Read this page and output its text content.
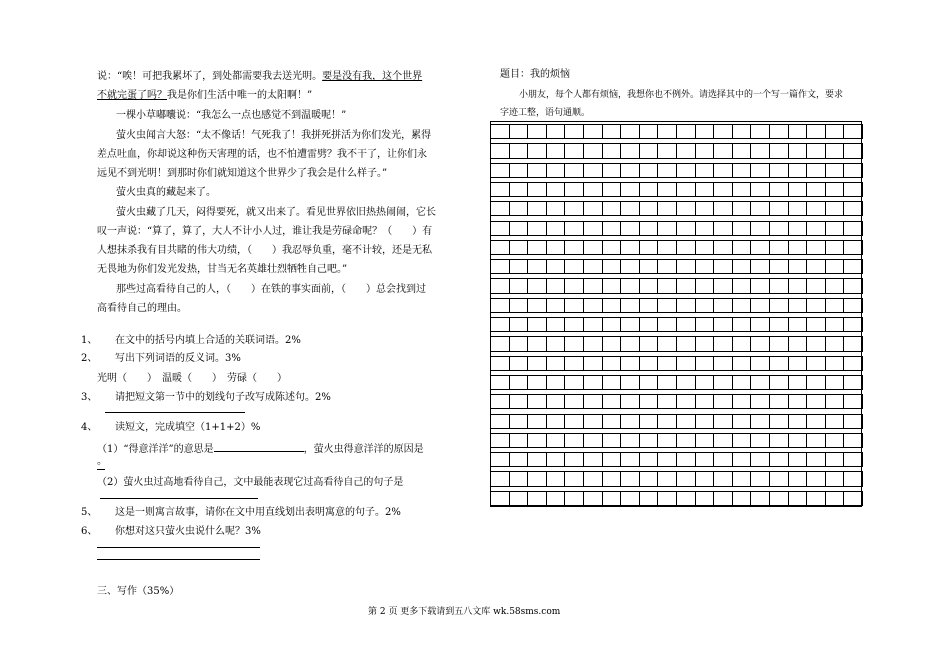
说：“唉！可把我累坏了，到处都需要我去送光明。要是没有我，这个世界
不就完蛋了吗？我是你们生活中唯一的太阳啊！”
一棵小草嘟囔说：“我怎么一点也感觉不到温暖呢！”
萤火虫闻言大怒：“太不像话！气死我了！我拼死拼活为你们发光，累得
差点吐血，你却说这种伤天害理的话，也不怕遭雷劈？我不干了，让你们永
远见不到光明！到那时你们就知道这个世界少了我会是什么样子。”
萤火虫真的藏起来了。
萤火虫藏了几天，闷得要死，就又出来了。看见世界依旧热热闹闹，它长
叹一声说：“算了，算了，大人不计小人过，谁让我是劳碌命呢？（　　）有
人想抹杀我有目共睹的伟大功绩，（　　）我忍辱负重，毫不计较，还是无私
无畏地为你们发光发热，甘当无名英雄壮烈牺牲自己吧。”
那些过高看待自己的人，（　　）在铁的事实面前，（　　）总会找到过
高看待自己的理由。
1、 在文中的括号内填上合适的关联词语。2%
2、 写出下列词语的反义词。3%
光明（　　）　温暖（　　）　劳碌（　　）
3、 请把短文第一节中的划线句子改写成陈述句。2%
4、 读短文，完成填空（1+1+2）%
（1）“得意洋洋”的意思是	，萤火虫得意洋洋的原因是
。
（2）萤火虫过高地看待自己，文中最能表现它过高看待自己的句子是
5、 这是一则寓言故事，请你在文中用直线划出表明寓意的句子。2%
6、 你想对这只萤火虫说什么呢？3%
三、写作（35%）
题目：我的烦恼
小朋友，每个人都有烦恼，我想你也不例外。请选择其中的一个写一篇作文，要求
字迹工整，语句通顺。
第 2 页 更多下载请到五八文库 wk.58sms.com
